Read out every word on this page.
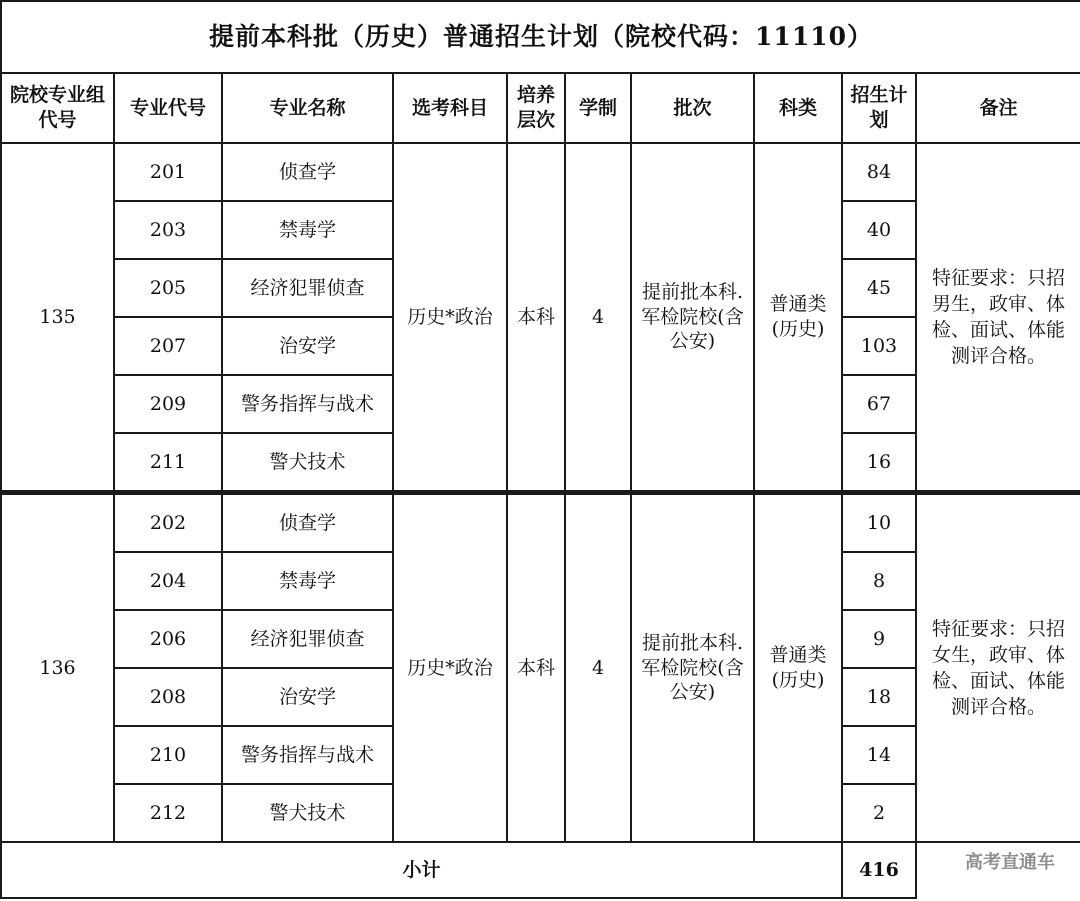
提前本科批（历史）普通招生计划（院校代码：11110）									

院校专业组
代号	专业代号	专业名称	选考科目	培养
层次	学制	批次	科类	招生计
划	备注
135	201	侦查学	历史*政治	本科	4	提前批本科.
军检院校(含
公安)	普通类
(历史)	84	特征要求：只招
男生，政审、体
检、面试、体能
测评合格。

	203	禁毒学						40	
	205	经济犯罪侦查						45	
	207	治安学						103	
	209	警务指挥与战术						67	
	211	警犬技术						16	
136	202	侦查学	历史*政治	本科	4	提前批本科.
军检院校(含
公安)	普通类
(历史)	10	特征要求：只招
女生，政审、体
检、面试、体能
测评合格。

	204	禁毒学						8	
	206	经济犯罪侦查						9	
	208	治安学						18	
	210	警务指挥与战术						14	
	212	警犬技术						2	
小计								416	高考直通车
